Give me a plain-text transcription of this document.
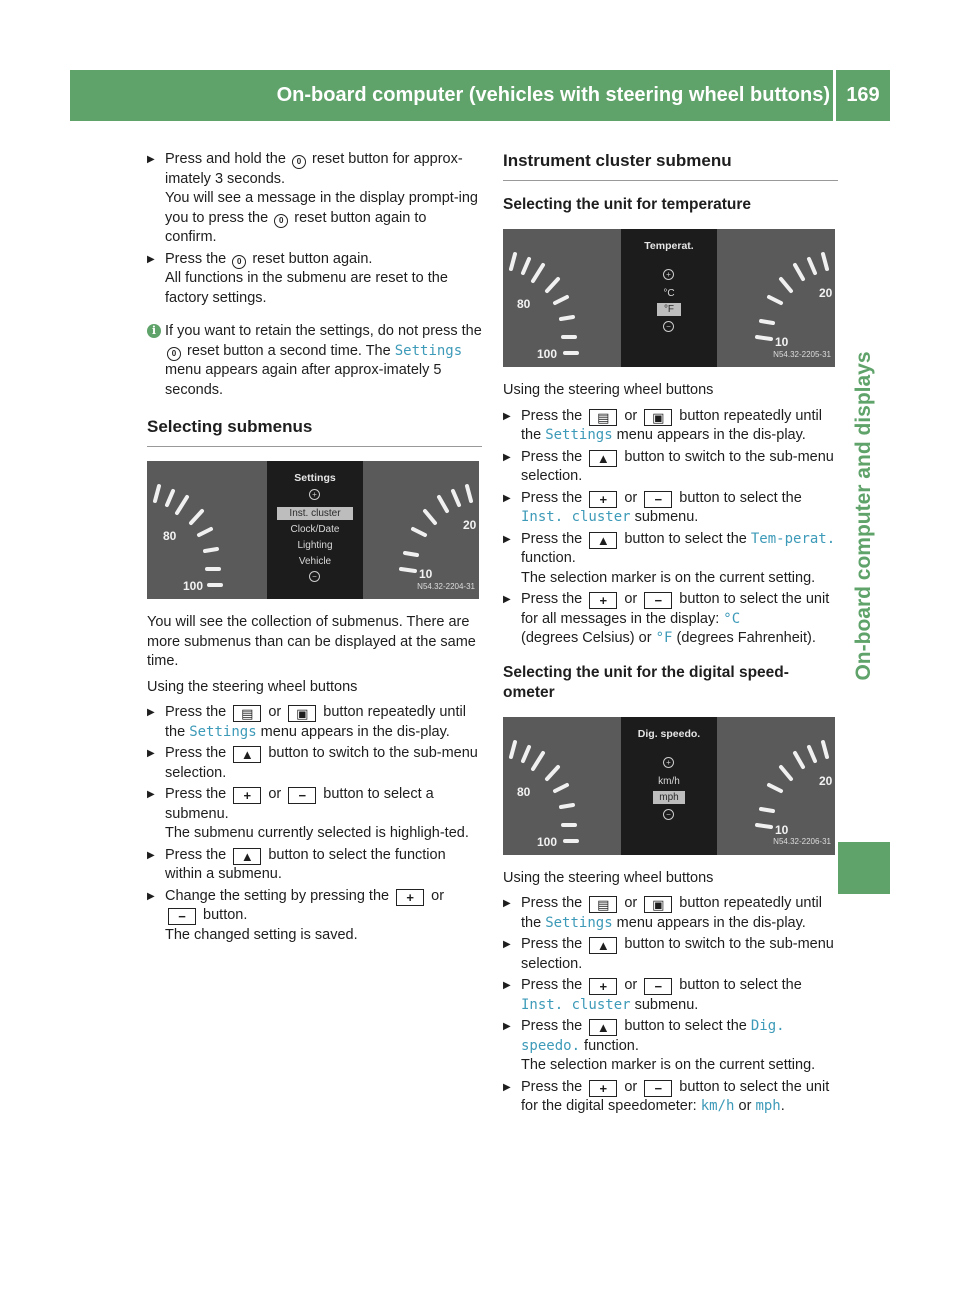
On-board computer (vehicles with steering wheel buttons) 169
On-board computer and displays
▶ Press and hold the 0 reset button for approx-imately 3 seconds.
You will see a message in the display prompt-ing you to press the 0 reset button again to confirm.
▶ Press the 0 reset button again.
All functions in the submenu are reset to the factory settings.
i If you want to retain the settings, do not press the 0 reset button a second time. The Settings menu appears again after approx-imately 5 seconds.
Selecting submenus
80
100
20
10
Settings
+
Inst. cluster
Clock/Date
Lighting
Vehicle
−
N54.32-2204-31
You will see the collection of submenus. There are more submenus than can be displayed at the same time.
Using the steering wheel buttons
▶ Press the ▤ or ▣ button repeatedly until the Settings menu appears in the dis-play.
▶ Press the ▲ button to switch to the sub-menu selection.
▶ Press the + or − button to select a submenu.
The submenu currently selected is highligh-ted.
▶ Press the ▲ button to select the function within a submenu.
▶ Change the setting by pressing the + or − button.
The changed setting is saved.
Instrument cluster submenu
Selecting the unit for temperature
80
100
20
10
Temperat.
+
°C
°F
−
N54.32-2205-31
Using the steering wheel buttons
▶ Press the ▤ or ▣ button repeatedly until the Settings menu appears in the dis-play.
▶ Press the ▲ button to switch to the sub-menu selection.
▶ Press the + or − button to select the Inst. cluster submenu.
▶ Press the ▲ button to select the Tem-perat. function.
The selection marker is on the current setting.
▶ Press the + or − button to select the unit for all messages in the display: °C
(degrees Celsius) or °F (degrees Fahrenheit).
Selecting the unit for the digital speed-ometer
80
100
20
10
Dig. speedo.
+
km/h
mph
−
N54.32-2206-31
Using the steering wheel buttons
▶ Press the ▤ or ▣ button repeatedly until the Settings menu appears in the dis-play.
▶ Press the ▲ button to switch to the sub-menu selection.
▶ Press the + or − button to select the Inst. cluster submenu.
▶ Press the ▲ button to select the Dig. speedo. function.
The selection marker is on the current setting.
▶ Press the + or − button to select the unit for the digital speedometer: km/h or mph.
